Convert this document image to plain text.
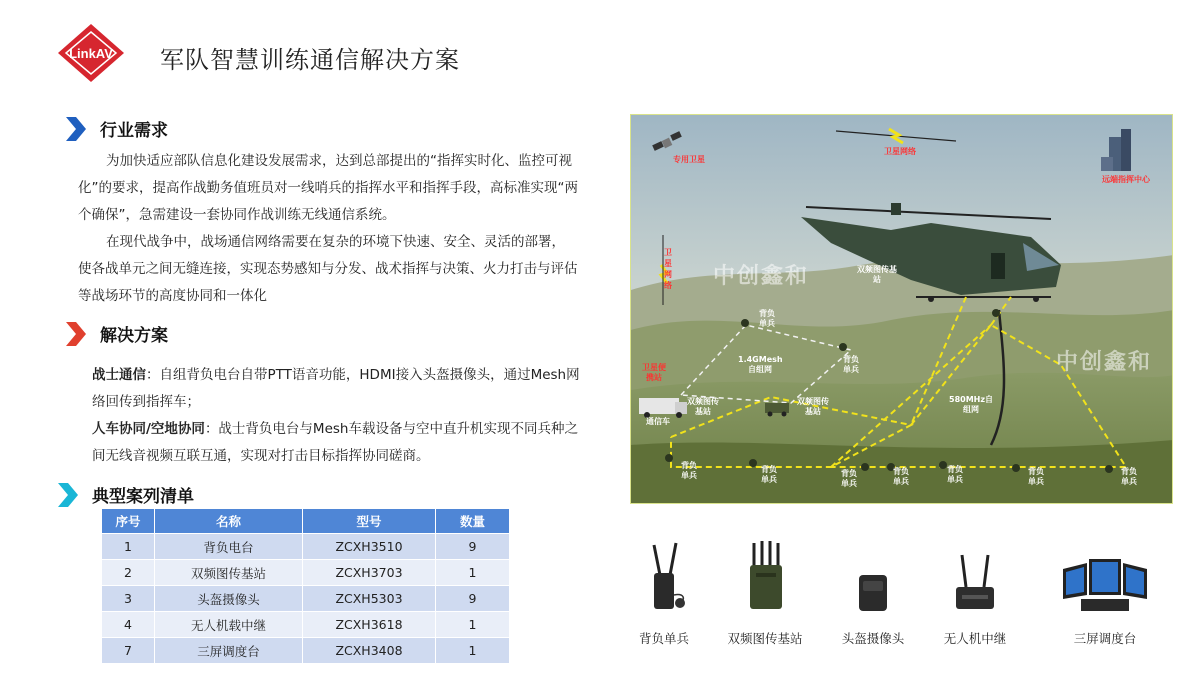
LinkAV 军队智慧训练通信解决方案
行业需求

为加快适应部队信息化建设发展需求，达到总部提出的“指挥实时化、监控可视化”的要求，提高作战勤务值班员对一线哨兵的指挥水平和指挥手段，高标准实现“两个确保”，急需建设一套协同作战训练无线通信系统。

在现代战争中，战场通信网络需要在复杂的环境下快速、安全、灵活的部署，使各战单元之间无缝连接，实现态势感知与分发、战术指挥与决策、火力打击与评估等战场环节的高度协同和一体化

解决方案

战士通信：自组背负电台自带PTT语音功能，HDMI接入头盔摄像头，通过Mesh网络回传到指挥车；

人车协同/空地协同：战士背负电台与Mesh车载设备与空中直升机实现不同兵种之间无线音视频互联互通，实现对打击目标指挥协同磋商。

典型案列清单
序号	名称	型号	数量
1	背负电台	ZCXH3510	9
2	双频图传基站	ZCXH3703	1
3	头盔摄像头	ZCXH5303	9
4	无人机载中继	ZCXH3618	1
7	三屏调度台	ZCXH3408	1
专用卫星
卫星网络
远端指挥中心
卫星网络
卫星便携站
通信车
双频图传基站
1.4GMesh自组网
580MHz自组网
双频图传基站
双频图传基站
背负单兵
背负单兵
背负单兵
背负单兵
背负单兵
背负单兵
背负单兵
背负单兵
背负单兵
中创鑫和
中创鑫和
背负单兵	双频图传基站	头盔摄像头	无人机中继	三屏调度台
